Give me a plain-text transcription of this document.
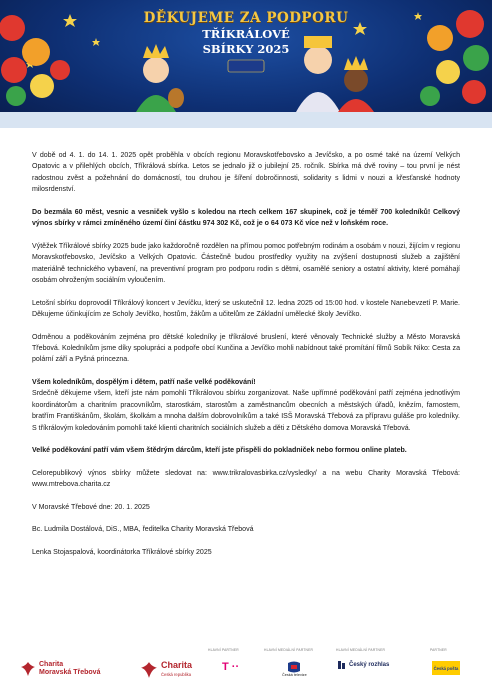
DĚKUJEME ZA PODPORU
TŘÍKRÁLOVÉ
SBÍRKY 2025

V době od 4. 1. do 14. 1. 2025 opět proběhla v obcích regionu Moravskotřebovsko a Jevíčsko, a po osmé také na území Velkých Opatovic a v přilehlých obcích, Tříkrálová sbírka. Letos se jednalo již o jubilejní 25. ročník. Sbírka má dvě roviny – tou první je nést radostnou zvěst a požehnání do domácností, tou druhou je šíření dobročinnosti, solidarity s lidmi v nouzi a křesťanské hodnoty milosrdenství.

Do bezmála 60 měst, vesnic a vesniček vyšlo s koledou na rtech celkem 167 skupinek, což je téměř 700 koledníků! Celkový výnos sbírky v rámci zmíněného území činí částku 974 302 Kč, což je o 64 073 Kč více než v loňském roce.

Výtěžek Tříkrálové sbírky 2025 bude jako každoročně rozdělen na přímou pomoc potřebným rodinám a osobám v nouzi, žijícím v regionu Moravskotřebovsko, Jevíčsko a Velkých Opatovic. Částečně budou prostředky využity na zvýšení dostupnosti služeb a zajištění materiálně technického vybavení, na preventivní program pro podporu rodin s dětmi, osamělé seniory a ostatní aktivity, které pomáhají osobám ohroženým sociálním vyloučením.

Letošní sbírku doprovodil Tříkrálový koncert v Jevíčku, který se uskutečnil 12. ledna 2025 od 15:00 hod. v kostele Nanebevzetí P. Marie. Děkujeme účinkujícím ze Scholy Jevíčko, hostům, žákům a učitelům ze Základní umělecké školy Jevíčko.

Odměnou a poděkováním zejména pro dětské koledníky je tříkrálové bruslení, které věnovaly Technické služby a Město Moravská Třebová. Koledníkům jsme díky spolupráci a podpoře obcí Kunčina a Jevíčko mohli nabídnout také promítání filmů Sobík Niko: Cesta za polární září a Pyšná princezna.

Všem koledníkům, dospělým i dětem, patří naše velké poděkování!

Srdečně děkujeme všem, kteří jste nám pomohli Tříkrálovou sbírku zorganizovat. Naše upřímné poděkování patří zejména jednotlivým koordinátorům a charitním pracovníkům, starostkám, starostům a zaměstnancům obecních a městských úřadů, knězím, farnostem, bratřím Františkánům, školám, školkám a mnoha dalším dobrovolníkům a také ISŠ Moravská Třebová za přípravu guláše pro koledníky. S tříkrálovým koledováním pomohli také klienti charitních sociálních služeb a děti z Dětského domova Moravská Třebová.

Velké poděkování patří vám všem štědrým dárcům, kteří jste přispěli do pokladniček nebo formou online plateb.

Celorepublikový výnos sbírky můžete sledovat na: www.trikralovasbirka.cz/vysledky/ a na webu Charity Moravská Třebová: www.mtrebova.charita.cz

V Moravské Třebové dne: 20. 1. 2025

Bc. Ludmila Dostálová, DiS., MBA, ředitelka Charity Moravská Třebová

Lenka Stojaspalová, koordinátorka Tříkrálové sbírky 2025

HLAVNÍ PARTNER	HLAVNÍ MEDIÁLNÍ PARTNER	HLAVNÍ MEDIÁLNÍ PARTNER	PARTNER
Charita
Moravská Třebová
Charita
Česká republika
T ··
Česká televize
Český rozhlas	Česká pošta
